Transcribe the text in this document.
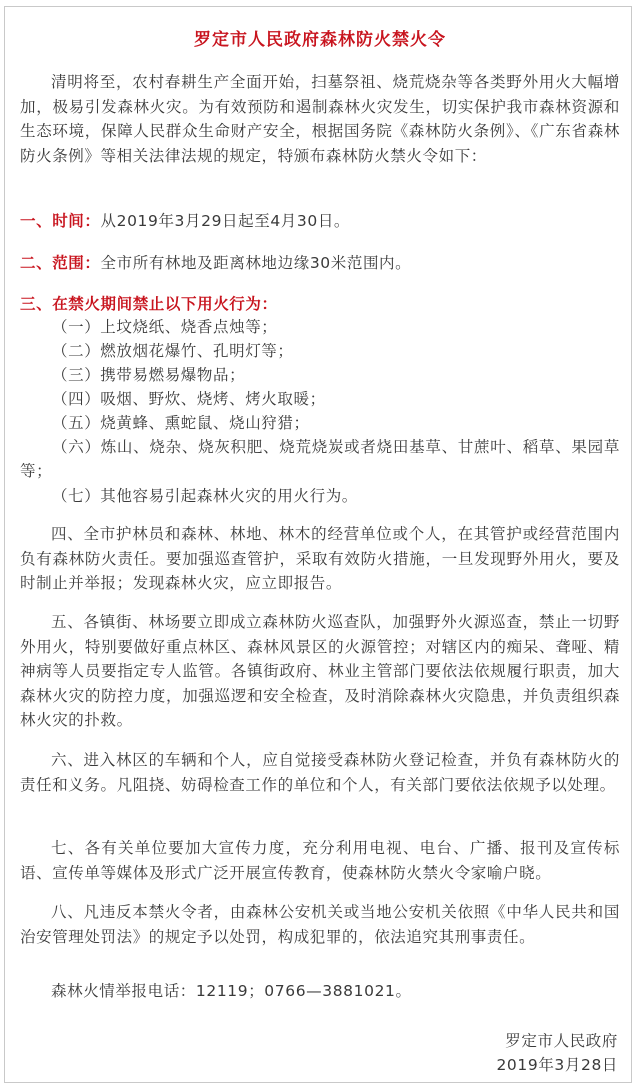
罗定市人民政府森林防火禁火令

清明将至，农村春耕生产全面开始，扫墓祭祖、烧荒烧杂等各类野外用火大幅增加，极易引发森林火灾。为有效预防和遏制森林火灾发生，切实保护我市森林资源和生态环境，保障人民群众生命财产安全，根据国务院《森林防火条例》、《广东省森林防火条例》等相关法律法规的规定，特颁布森林防火禁火令如下：

一、时间：从2019年3月29日起至4月30日。
二、范围：全市所有林地及距离林地边缘30米范围内。
三、在禁火期间禁止以下用火行为：

（一）上坟烧纸、烧香点烛等；

（二）燃放烟花爆竹、孔明灯等；

（三）携带易燃易爆物品；

（四）吸烟、野炊、烧烤、烤火取暖；

（五）烧黄蜂、熏蛇鼠、烧山狩猎；

（六）炼山、烧杂、烧灰积肥、烧荒烧炭或者烧田基草、甘蔗叶、稻草、果园草等；

（七）其他容易引起森林火灾的用火行为。

四、全市护林员和森林、林地、林木的经营单位或个人，在其管护或经营范围内负有森林防火责任。要加强巡查管护，采取有效防火措施，一旦发现野外用火，要及时制止并举报；发现森林火灾，应立即报告。

五、各镇街、林场要立即成立森林防火巡查队，加强野外火源巡查，禁止一切野外用火，特别要做好重点林区、森林风景区的火源管控；对辖区内的痴呆、聋哑、精神病等人员要指定专人监管。各镇街政府、林业主管部门要依法依规履行职责，加大森林火灾的防控力度，加强巡逻和安全检查，及时消除森林火灾隐患，并负责组织森林火灾的扑救。

六、进入林区的车辆和个人，应自觉接受森林防火登记检查，并负有森林防火的责任和义务。凡阻挠、妨碍检查工作的单位和个人，有关部门要依法依规予以处理。

七、各有关单位要加大宣传力度，充分利用电视、电台、广播、报刊及宣传标语、宣传单等媒体及形式广泛开展宣传教育，使森林防火禁火令家喻户晓。

八、凡违反本禁火令者，由森林公安机关或当地公安机关依照《中华人民共和国治安管理处罚法》的规定予以处罚，构成犯罪的，依法追究其刑事责任。

森林火情举报电话：12119；0766—3881021。

罗定市人民政府
2019年3月28日
